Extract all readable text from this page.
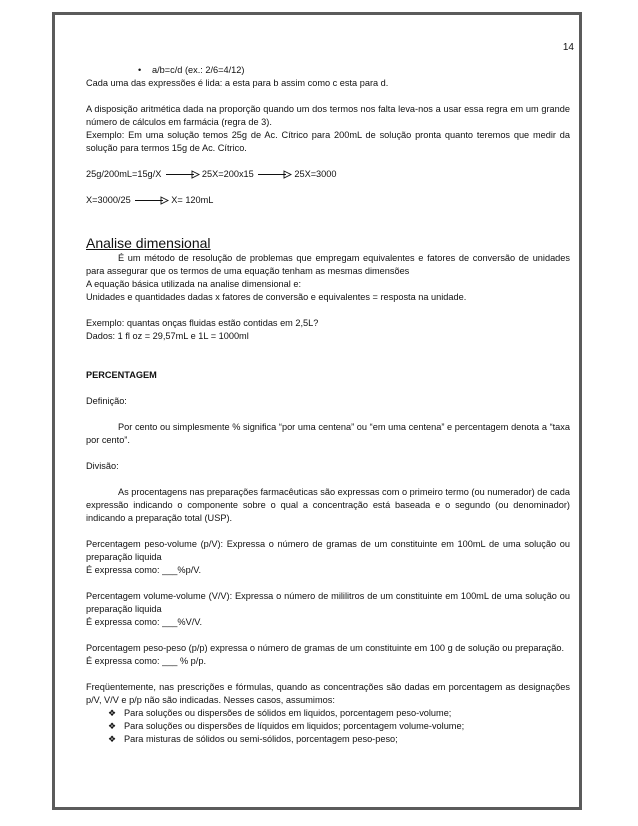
14

• a/b=c/d (ex.: 2/6=4/12)

Cada uma das expressões é lida: a esta para b assim como c esta para d.

A disposição aritmética dada na proporção quando um dos termos nos falta leva-nos a usar essa regra em um grande número de cálculos em farmácia (regra de 3).

Exemplo: Em uma solução temos 25g de Ac. Cítrico para 200mL de solução pronta quanto teremos que medir da solução para termos 15g de Ac. Cítrico.

25g/200mL=15g/X	25X=200x15	25X=3000

X=3000/25	X= 120mL

Analise dimensional

É um método de resolução de problemas que empregam equivalentes e fatores de conversão de unidades para assegurar que os termos de uma equação tenham as mesmas dimensões

A equação básica utilizada na analise dimensional e:

Unidades e quantidades dadas x fatores de conversão e equivalentes = resposta na unidade.

Exemplo: quantas onças fluidas estão contidas em 2,5L?

Dados: 1 fl oz = 29,57mL e 1L = 1000ml

PERCENTAGEM

Definição:

Por cento ou simplesmente % significa “por uma centena” ou “em uma centena” e percentagem denota a “taxa por cento”.

Divisão:

As procentagens nas preparações farmacêuticas são expressas com o primeiro termo (ou numerador) de cada expressão indicando o componente sobre o qual a concentração está baseada e o segundo (ou denominador) indicando a preparação total (USP).

Percentagem peso-volume (p/V): Expressa o número de gramas de um constituinte em 100mL de uma solução ou preparação liquida

É expressa como: ___%p/V.

Percentagem volume-volume (V/V): Expressa o número de mililitros de um constituinte em 100mL de uma solução ou preparação liquida

É expressa como: ___%V/V.

Porcentagem peso-peso (p/p) expressa o número de gramas de um constituinte em 100 g de solução ou preparação.

É expressa como: ___ % p/p.

Freqüentemente, nas prescrições e fórmulas, quando as concentrações são dadas em porcentagem as designações p/V, V/V e p/p não são indicadas. Nesses casos, assumimos:

❖ Para soluções ou dispersões de sólidos em liquidos, porcentagem peso-volume;
❖ Para soluções ou dispersões de líquidos em liquidos; porcentagem volume-volume;
❖ Para misturas de sólidos ou semi-sólidos, porcentagem peso-peso;
